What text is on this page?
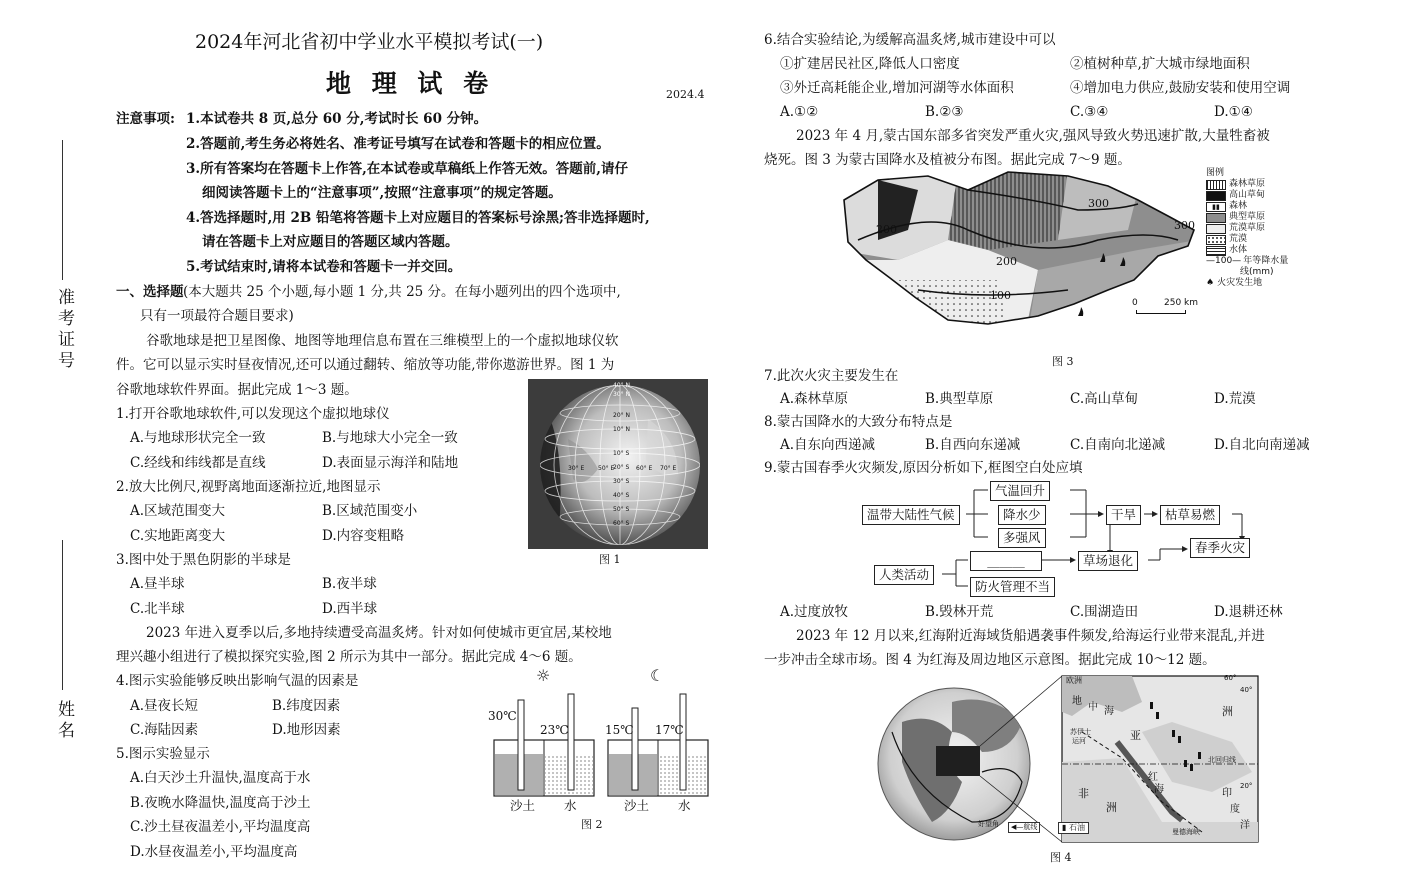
准考证号
姓名
2024年河北省初中学业水平模拟考试(一)
地 理 试 卷	2024.4
注意事项: 1.本试卷共 8 页,总分 60 分,考试时长 60 分钟。
2.答题前,考生务必将姓名、准考证号填写在试卷和答题卡的相应位置。
3.所有答案均在答题卡上作答,在本试卷或草稿纸上作答无效。答题前,请仔
细阅读答题卡上的“注意事项”,按照“注意事项”的规定答题。
4.答选择题时,用 2B 铅笔将答题卡上对应题目的答案标号涂黑;答非选择题时,
请在答题卡上对应题目的答题区域内答题。
5.考试结束时,请将本试卷和答题卡一并交回。
一、选择题 (本大题共 25 个小题,每小题 1 分,共 25 分。在每小题列出的四个选项中,
只有一项最符合题目要求)
谷歌地球是把卫星图像、地图等地理信息布置在三维模型上的一个虚拟地球仪软
件。它可以显示实时昼夜情况,还可以通过翻转、缩放等功能,带你遨游世界。图 1 为
谷歌地球软件界面。据此完成 1～3 题。
1.打开谷歌地球软件,可以发现这个虚拟地球仪
A.与地球形状完全一致	B.与地球大小完全一致
C.经线和纬线都是直线	D.表面显示海洋和陆地
2.放大比例尺,视野离地面逐渐拉近,地图显示
A.区域范围变大	B.区域范围变小
C.实地距离变大	D.内容变粗略
3.图中处于黑色阴影的半球是
A.昼半球	B.夜半球
C.北半球	D.西半球
40° N
30° N
20° N
10° N
10° S
20° S
30° S
40° S
50° S
60° S
30° E 50° E	60° E 70° E
图 1
2023 年进入夏季以后,多地持续遭受高温炙烤。针对如何使城市更宜居,某校地
理兴趣小组进行了模拟探究实验,图 2 所示为其中一部分。据此完成 4～6 题。
4.图示实验能够反映出影响气温的因素是
A.昼夜长短	B.纬度因素
C.海陆因素	D.地形因素
5.图示实验显示
A.白天沙土升温快,温度高于水
B.夜晚水降温快,温度高于沙土
C.沙土昼夜温差小,平均温度高
D.水昼夜温差小,平均温度高
☼	☾
30℃
23℃	15℃ 17℃
沙土 水	沙土 水
图 2
6.结合实验结论,为缓解高温炙烤,城市建设中可以
①扩建居民社区,降低人口密度	②植树种草,扩大城市绿地面积
③外迁高耗能企业,增加河湖等水体面积	④增加电力供应,鼓励安装和使用空调
A.①②	B.②③	C.③④	D.①④
2023 年 4 月,蒙古国东部多省突发严重火灾,强风导致火势迅速扩散,大量牲畜被
烧死。图 3 为蒙古国降水及植被分布图。据此完成 7～9 题。
200
300
300
200
100
图例
森林草原
高山草甸
▮▮	森林
典型草原
荒漠草原
荒漠
水体
—100— 年等降水量
线(mm)
♠ 火灾发生地
0	250 km
图 3
7.此次火灾主要发生在
A.森林草原	B.典型草原	C.高山草甸	D.荒漠
8.蒙古国降水的大致分布特点是
A.自东向西递减	B.自西向东递减	C.自南向北递减	D.自北向南递减
9.蒙古国春季火灾频发,原因分析如下,框图空白处应填
温带大陆性气候
气温回升
降水少
多强风
干旱	枯草易燃
春季火灾
______	草场退化
人类活动
防火管理不当
A.过度放牧	B.毁林开荒	C.围湖造田	D.退耕还林
2023 年 12 月以来,红海附近海域货船遇袭事件频发,给海运行业带来混乱,并进
一步冲击全球市场。图 4 为红海及周边地区示意图。据此完成 10～12 题。
欧洲
地
中 海
苏伊士
运河	亚
洲
非
洲
红
海	印
度
洋
曼德海峡
北回归线
好望角
40°
20°
60°
◀—航线	▮ 石油
图 4
